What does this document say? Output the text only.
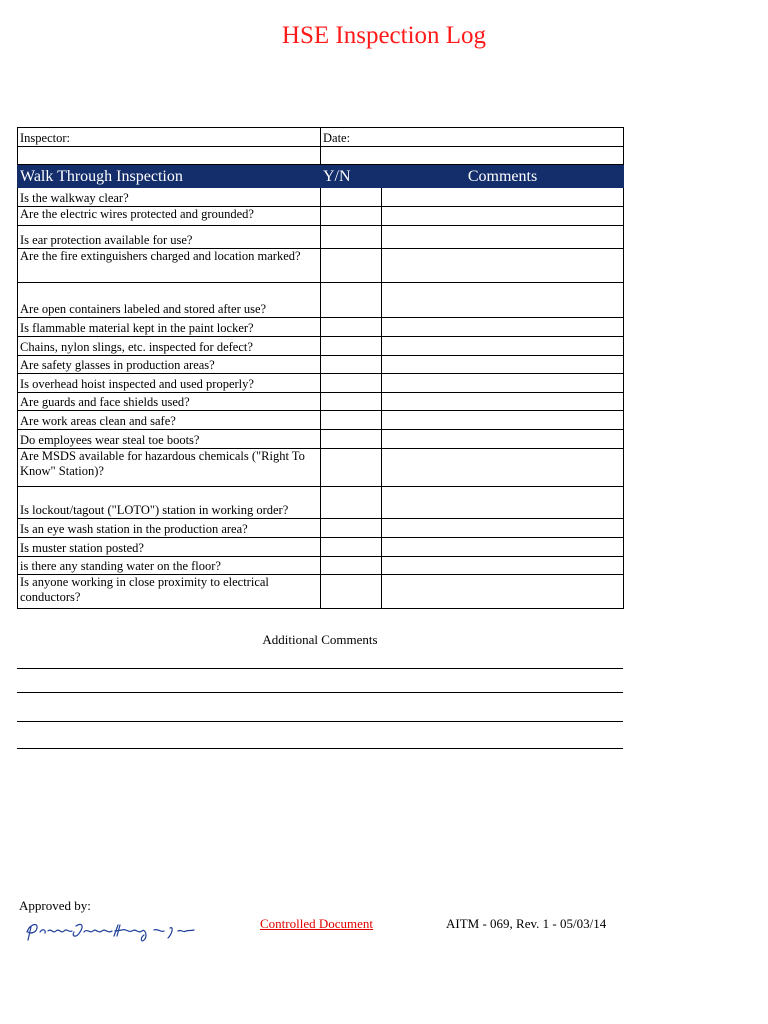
HSE Inspection Log
Inspector:	Date:	

Walk Through Inspection	Y/N	Comments
Is the walkway clear?		
Are the electric wires protected and grounded?		
Is ear protection available for use?		
Are the fire extinguishers charged and location marked?		
Are open containers labeled and stored after use?		
Is flammable material kept in the paint locker?		
Chains, nylon slings, etc. inspected for defect?		
Are safety glasses in production areas?		
Is overhead hoist inspected and used properly?		
Are guards and face shields used?		
Are work areas clean and safe?		
Do employees wear steal toe boots?		
Are MSDS available for hazardous chemicals ("Right To Know" Station)?		
Is lockout/tagout ("LOTO") station in working order?		
Is an eye wash station in the production area?		
Is muster station posted?		
is there any standing water on the floor?		
Is anyone working in close proximity to electrical conductors?		
Additional Comments
Approved by:
Controlled Document	AITM - 069, Rev. 1 - 05/03/14
